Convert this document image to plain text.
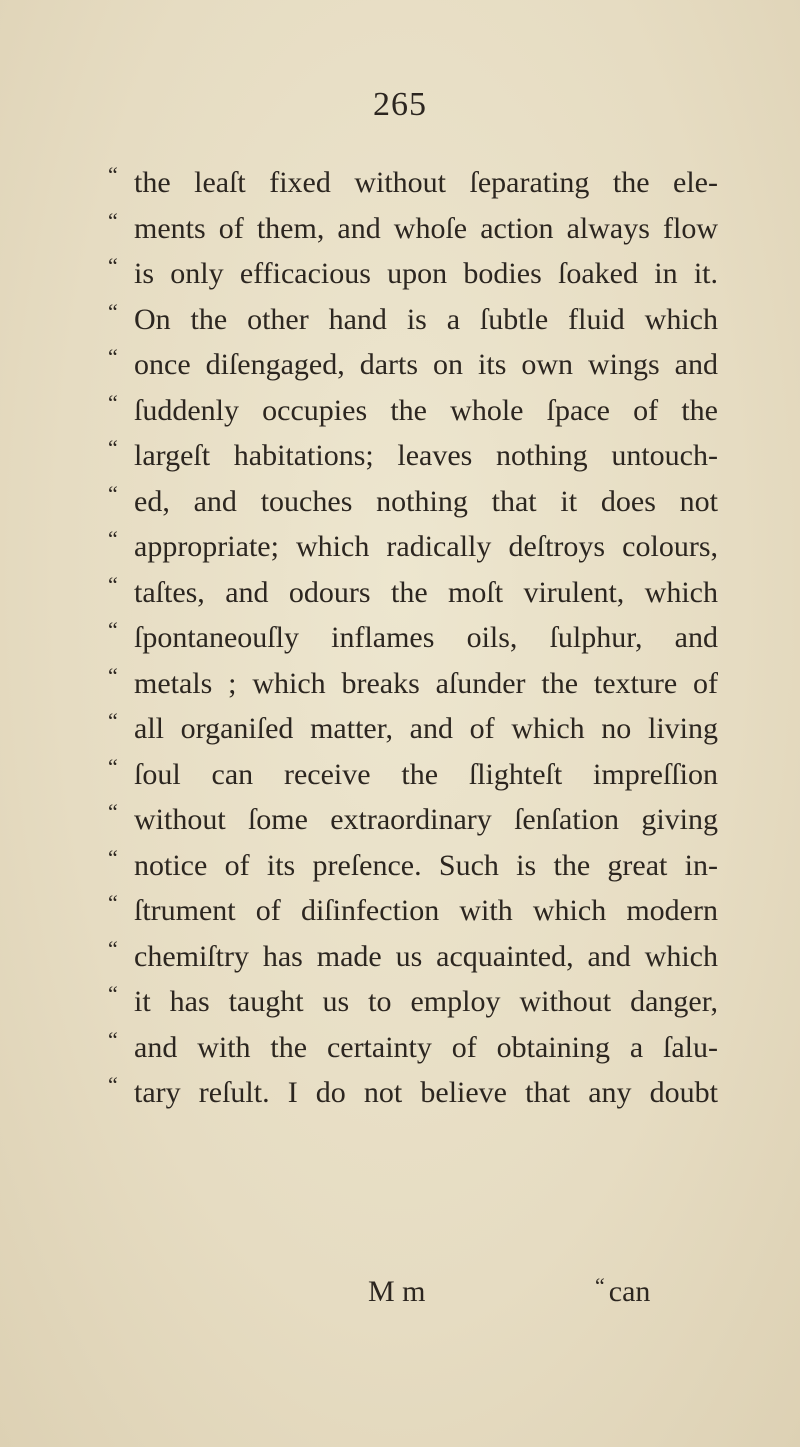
265
“ the leaſt fixed without ſeparating the ele-
“ ments of them, and whoſe action always flow
“ is only efficacious upon bodies ſoaked in it.
“ On the other hand is a ſubtle fluid which
“ once diſengaged, darts on its own wings and
“ ſuddenly occupies the whole ſpace of the
“ largeſt habitations; leaves nothing untouch-
“ ed, and touches nothing that it does not
“ appropriate; which radically deſtroys colours,
“ taſtes, and odours the moſt virulent, which
“ ſpontaneouſly inflames oils, ſulphur, and
“ metals ; which breaks aſunder the texture of
“ all organiſed matter, and of which no living
“ ſoul can receive the ſlighteſt impreſſion
“ without ſome extraordinary ſenſation giving
“ notice of its preſence. Such is the great in-
“ ſtrument of diſinfection with which modern
“ chemiſtry has made us acquainted, and which
“ it has taught us to employ without danger,
“ and with the certainty of obtaining a ſalu-
“ tary reſult. I do not believe that any doubt
M m	“ can
